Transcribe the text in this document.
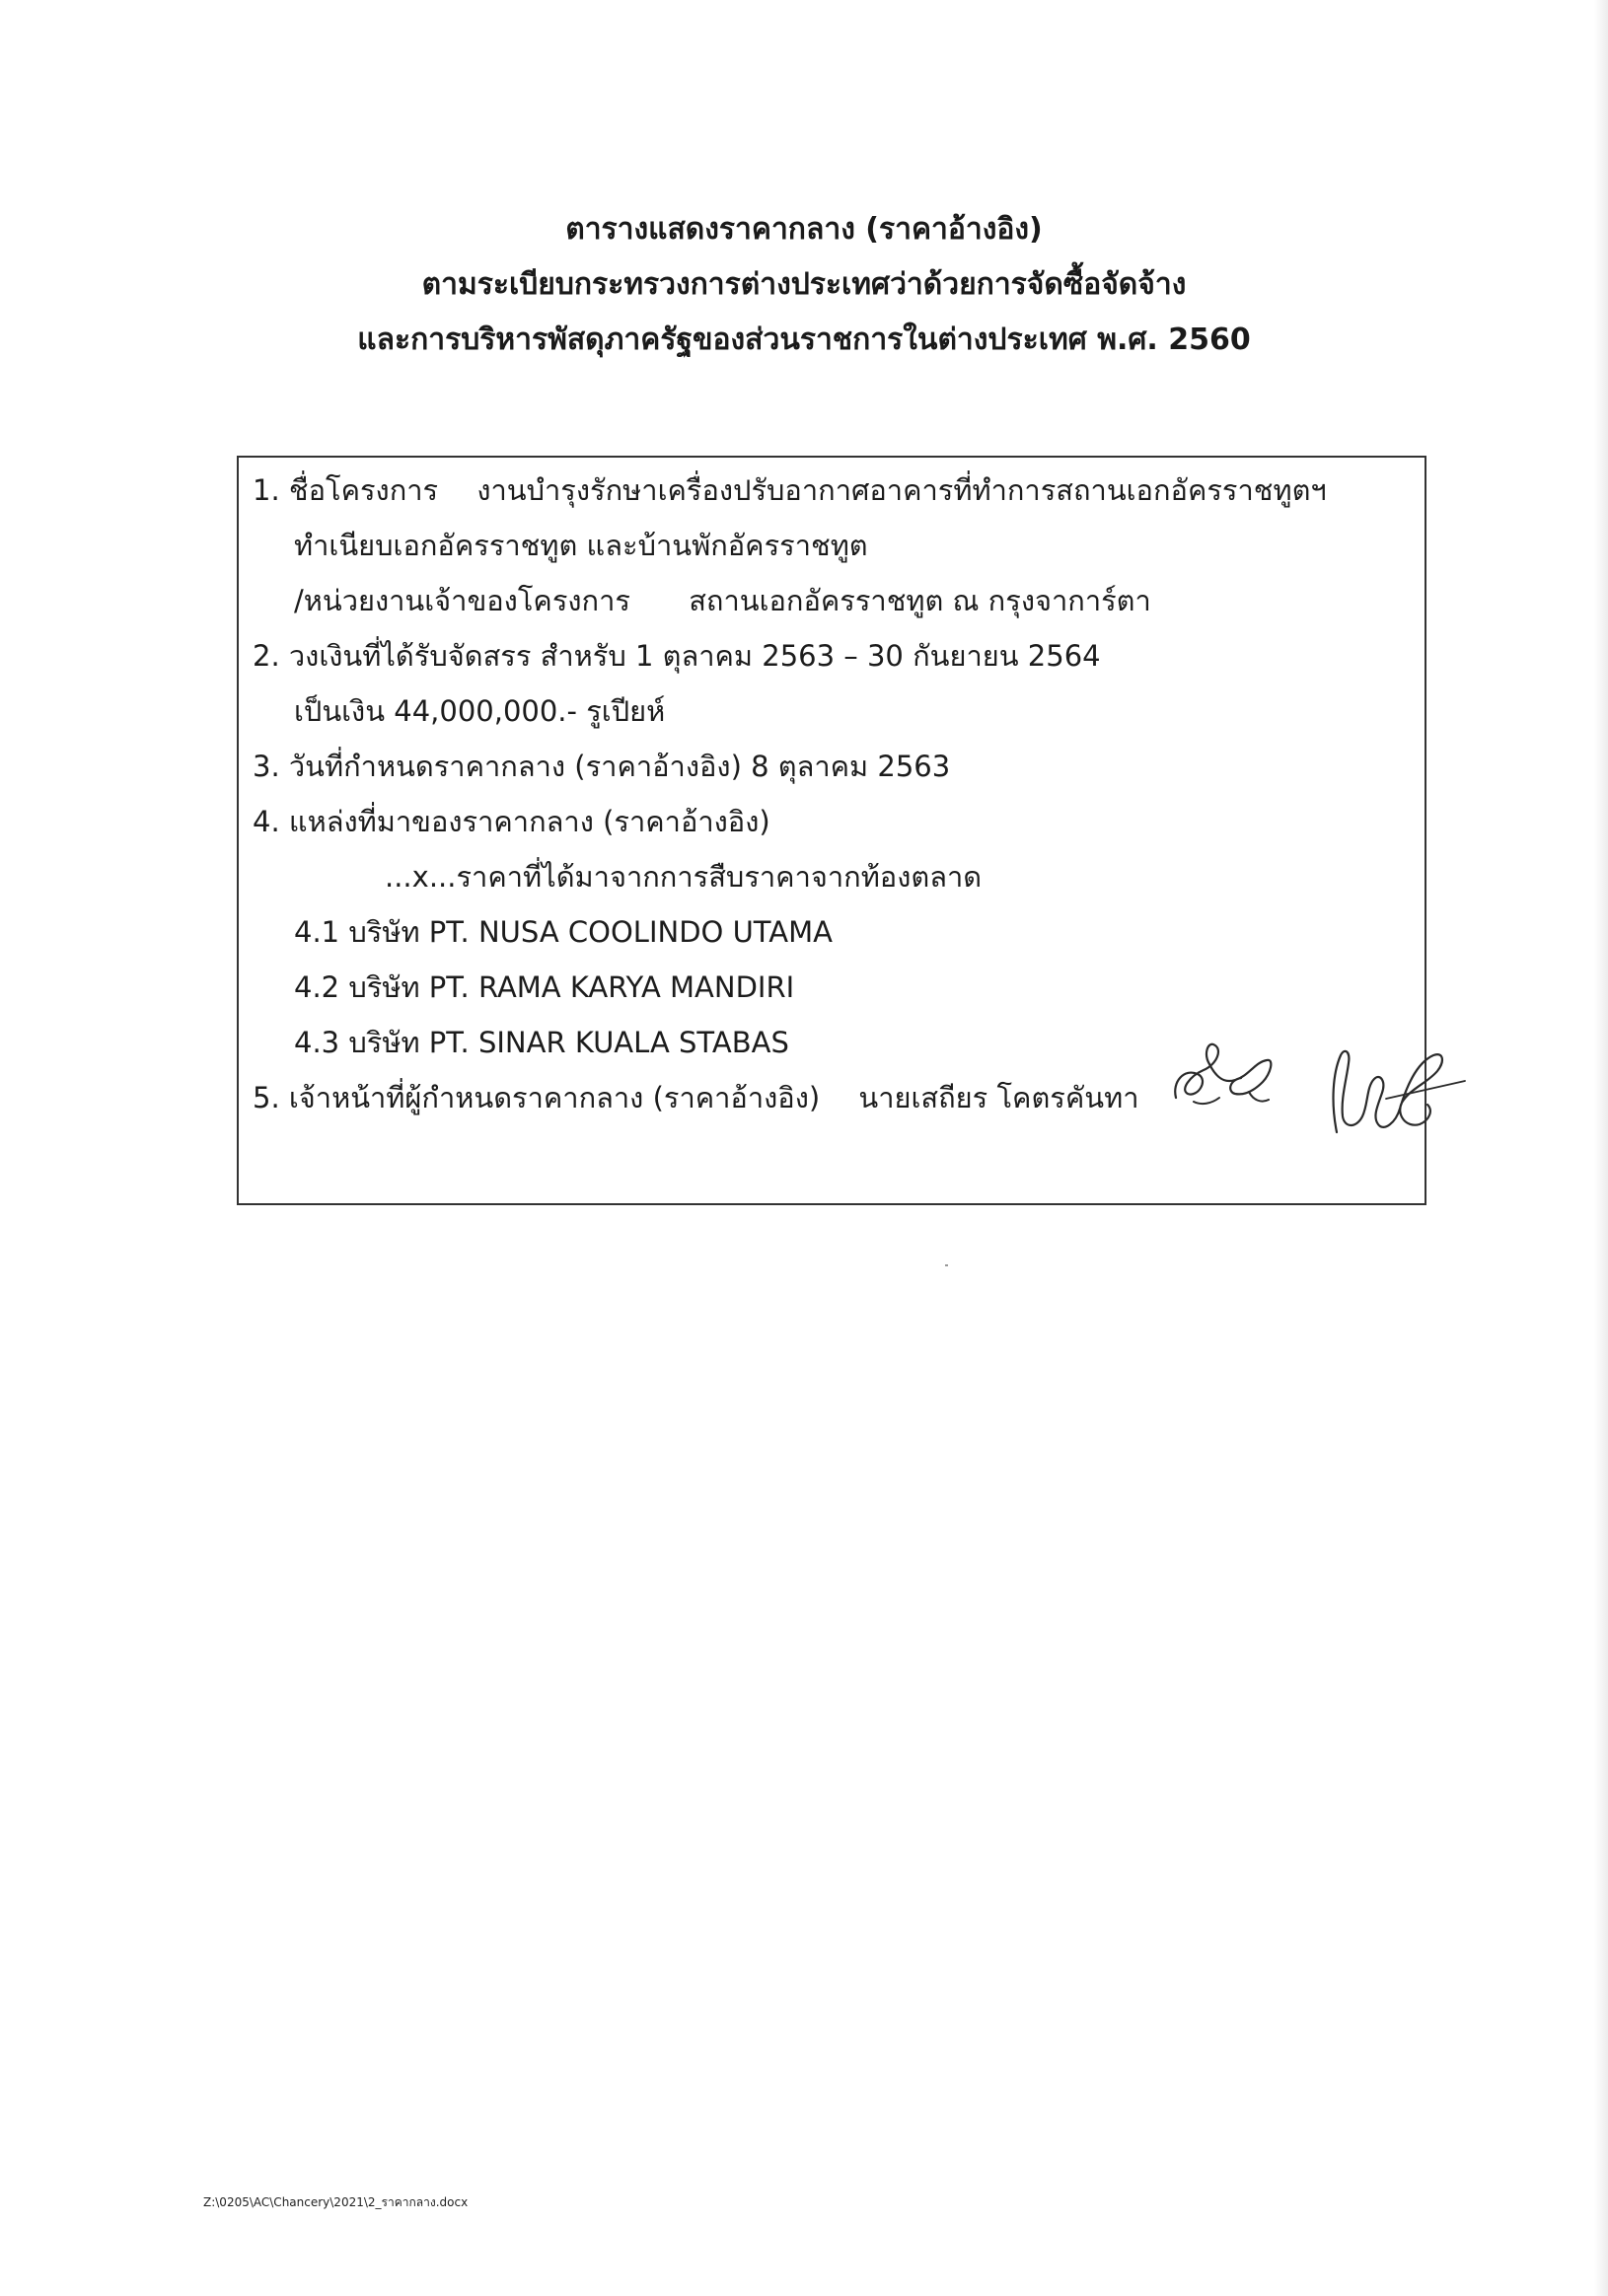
ตารางแสดงราคากลาง (ราคาอ้างอิง)
ตามระเบียบกระทรวงการต่างประเทศว่าด้วยการจัดซื้อจัดจ้าง
และการบริหารพัสดุภาครัฐของส่วนราชการในต่างประเทศ พ.ศ. 2560
1. ชื่อโครงการ งานบำรุงรักษาเครื่องปรับอากาศอาคารที่ทำการสถานเอกอัครราชทูตฯ
ทำเนียบเอกอัครราชทูต และบ้านพักอัครราชทูต
/หน่วยงานเจ้าของโครงการ สถานเอกอัครราชทูต ณ กรุงจาการ์ตา
2. วงเงินที่ได้รับจัดสรร สำหรับ 1 ตุลาคม 2563 – 30 กันยายน 2564
เป็นเงิน 44,000,000.- รูเปียห์
3. วันที่กำหนดราคากลาง (ราคาอ้างอิง) 8 ตุลาคม 2563
4. แหล่งที่มาของราคากลาง (ราคาอ้างอิง)
...x...ราคาที่ได้มาจากการสืบราคาจากท้องตลาด
4.1 บริษัท PT. NUSA COOLINDO UTAMA
4.2 บริษัท PT. RAMA KARYA MANDIRI
4.3 บริษัท PT. SINAR KUALA STABAS
5. เจ้าหน้าที่ผู้กำหนดราคากลาง (ราคาอ้างอิง) นายเสถียร โคตรคันทา
Z:\0205\AC\Chancery\2021\2_ราคากลาง.docx
